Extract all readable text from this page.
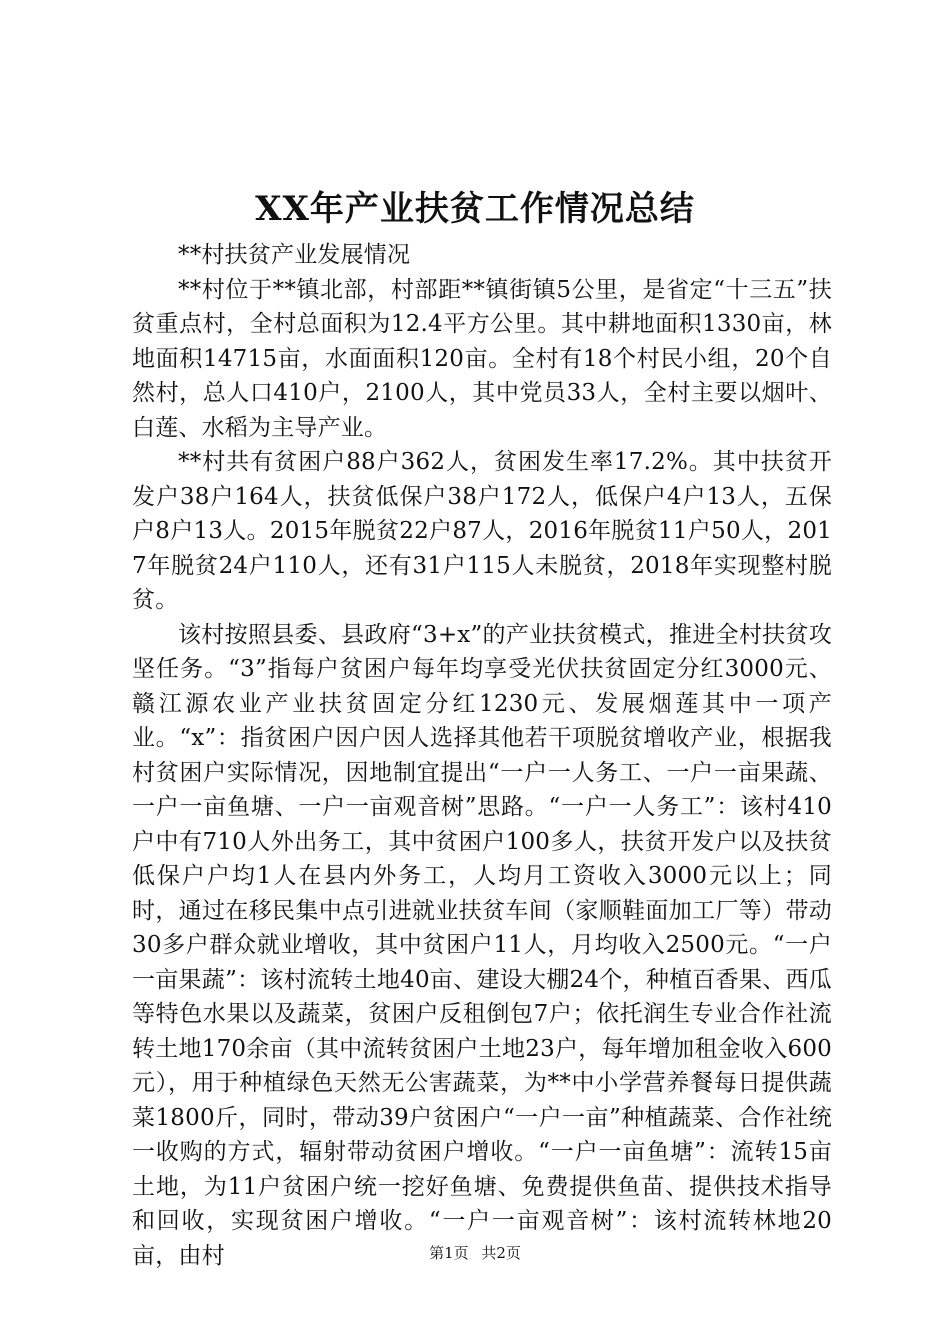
XX年产业扶贫工作情况总结

**村扶贫产业发展情况

**村位于**镇北部，村部距**镇街镇5公里，是省定“十三五”扶贫重点村，全村总面积为12.4平方公里。其中耕地面积1330亩，林地面积14715亩，水面面积120亩。全村有18个村民小组，20个自然村，总人口410户，2100人，其中党员33人，全村主要以烟叶、白莲、水稻为主导产业。

**村共有贫困户88户362人，贫困发生率17.2%。其中扶贫开发户38户164人，扶贫低保户38户172人，低保户4户13人，五保户8户13人。2015年脱贫22户87人，2016年脱贫11户50人，2017年脱贫24户110人，还有31户115人未脱贫，2018年实现整村脱贫。

该村按照县委、县政府“3+x”的产业扶贫模式，推进全村扶贫攻坚任务。“3”指每户贫困户每年均享受光伏扶贫固定分红3000元、赣江源农业产业扶贫固定分红1230元、发展烟莲其中一项产业。“x”：指贫困户因户因人选择其他若干项脱贫增收产业，根据我村贫困户实际情况，因地制宜提出“一户一人务工、一户一亩果蔬、一户一亩鱼塘、一户一亩观音树”思路。“一户一人务工”：该村410户中有710人外出务工，其中贫困户100多人，扶贫开发户以及扶贫低保户户均1人在县内外务工，人均月工资收入3000元以上；同时，通过在移民集中点引进就业扶贫车间（家顺鞋面加工厂等）带动30多户群众就业增收，其中贫困户11人，月均收入2500元。“一户一亩果蔬”：该村流转土地40亩、建设大棚24个，种植百香果、西瓜等特色水果以及蔬菜，贫困户反租倒包7户；依托润生专业合作社流转土地170余亩（其中流转贫困户土地23户，每年增加租金收入600元），用于种植绿色天然无公害蔬菜，为**中小学营养餐每日提供蔬菜1800斤，同时，带动39户贫困户“一户一亩”种植蔬菜、合作社统一收购的方式，辐射带动贫困户增收。“一户一亩鱼塘”：流转15亩土地，为11户贫困户统一挖好鱼塘、免费提供鱼苗、提供技术指导和回收，实现贫困户增收。“一户一亩观音树”：该村流转林地20亩，由村	第1页 共2页
